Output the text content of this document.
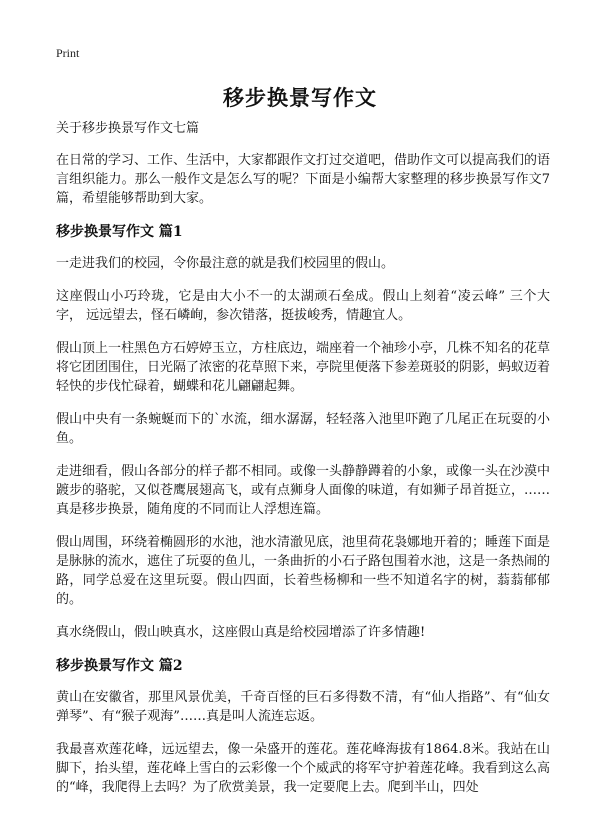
Print
移步换景写作文
关于移步换景写作文七篇

在日常的学习、工作、生活中，大家都跟作文打过交道吧，借助作文可以提高我们的语言组织能力。那么一般作文是怎么写的呢？下面是小编帮大家整理的移步换景写作文7篇，希望能够帮助到大家。

移步换景写作文 篇1

一走进我们的校园，令你最注意的就是我们校园里的假山。

这座假山小巧玲珑，它是由大小不一的太湖顽石垒成。假山上刻着“凌云峰” 三个大字， 远远望去，怪石嶙峋，参次错落，挺拔峻秀，情趣宜人。

假山顶上一柱黑色方石婷婷玉立，方柱底边，端座着一个袖珍小亭，几株不知名的花草将它团团围住，日光隔了浓密的花草照下来，亭院里便落下参差斑驳的阴影，蚂蚁迈着轻快的步伐忙碌着，蝴蝶和花儿翩翩起舞。

假山中央有一条蜿蜒而下的`水流，细水潺潺，轻轻落入池里吓跑了几尾正在玩耍的小鱼。

走进细看，假山各部分的样子都不相同。或像一头静静蹲着的小象，或像一头在沙漠中踱步的骆驼，又似苍鹰展翅高飞，或有点狮身人面像的味道，有如狮子昂首挺立，……真是移步换景，随角度的不同而让人浮想连篇。

假山周围，环绕着椭圆形的水池，池水清澈见底，池里荷花袅娜地开着的；睡莲下面是是脉脉的流水，遮住了玩耍的鱼儿，一条曲折的小石子路包围着水池，这是一条热闹的路，同学总爱在这里玩耍。假山四面，长着些杨柳和一些不知道名字的树，蓊蓊郁郁的。

真水绕假山，假山映真水，这座假山真是给校园增添了许多情趣!

移步换景写作文 篇2

黄山在安徽省，那里风景优美，千奇百怪的巨石多得数不清，有“仙人指路”、有“仙女弹琴”、有“猴子观海”……真是叫人流连忘返。

我最喜欢莲花峰，远远望去，像一朵盛开的莲花。莲花峰海拔有1864.8米。我站在山脚下，抬头望，莲花峰上雪白的云彩像一个个威武的将军守护着莲花峰。我看到这么高的“峰，我爬得上去吗？为了欣赏美景，我一定要爬上去。爬到半山，四处
